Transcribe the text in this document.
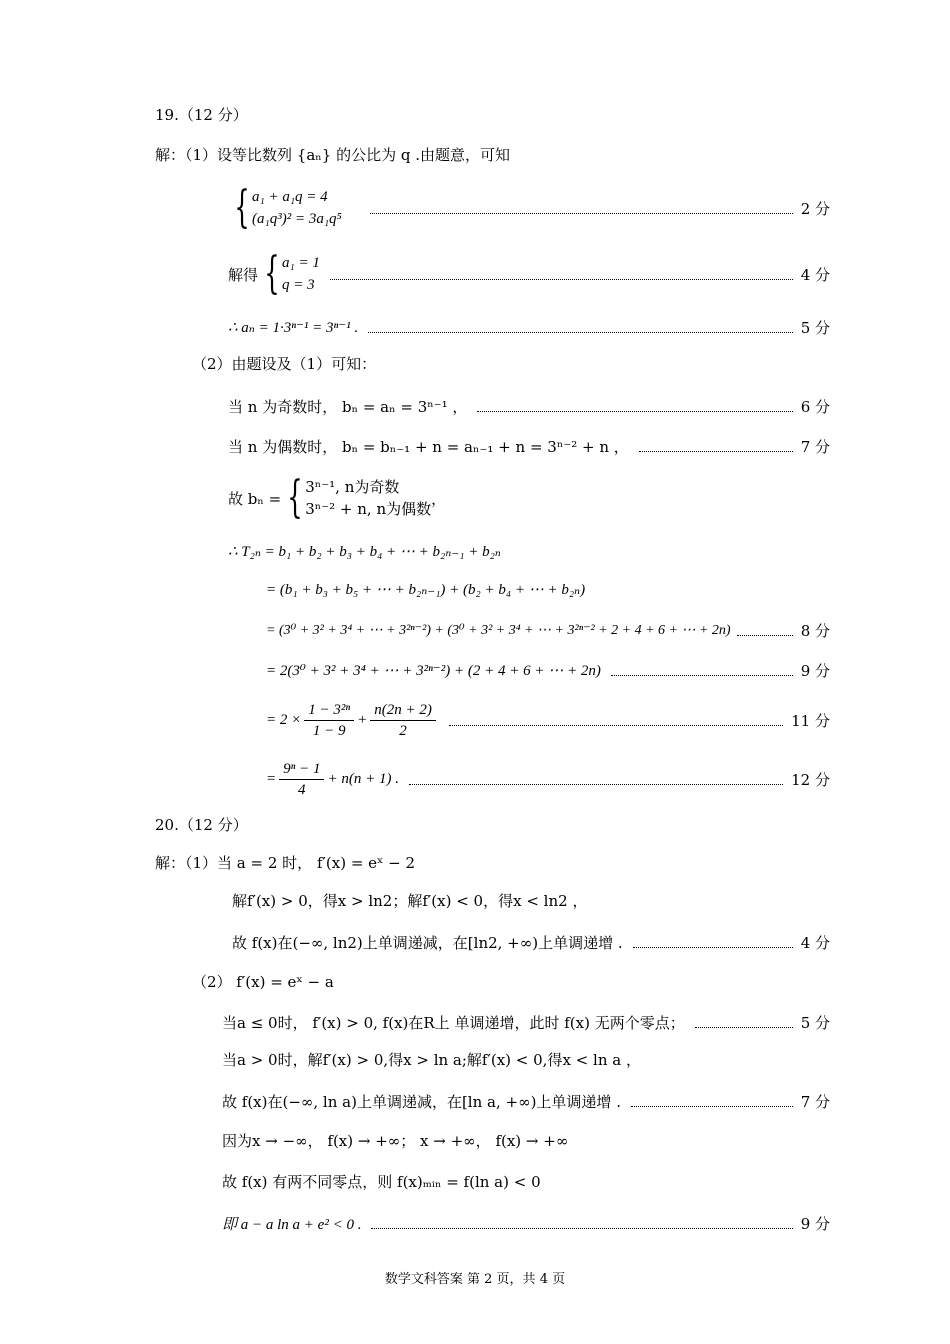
19.（12 分）
解：（1）设等比数列 {aₙ} 的公比为 q .由题意，可知
{ a₁ + a₁q = 4
(a₁q³)² = 3a₁q⁵
2 分
解得 { a₁ = 1
q = 3
4 分
∴ aₙ = 1·3ⁿ⁻¹ = 3ⁿ⁻¹ .	5 分
（2）由题设及（1）可知：
当 n 为奇数时， bₙ = aₙ = 3ⁿ⁻¹ ，	6 分
当 n 为偶数时， bₙ = bₙ₋₁ + n = aₙ₋₁ + n = 3ⁿ⁻² + n ，	7 分
故 bₙ = { 3ⁿ⁻¹, n为奇数
3ⁿ⁻² + n, n为偶数
，
∴ T₂ₙ = b₁ + b₂ + b₃ + b₄ + ⋯ + b₂ₙ₋₁ + b₂ₙ
= (b₁ + b₃ + b₅ + ⋯ + b₂ₙ₋₁) + (b₂ + b₄ + ⋯ + b₂ₙ)
= (3⁰ + 3² + 3⁴ + ⋯ + 3²ⁿ⁻²) + (3⁰ + 3² + 3⁴ + ⋯ + 3²ⁿ⁻² + 2 + 4 + 6 + ⋯ + 2n)	8 分
= 2(3⁰ + 3² + 3⁴ + ⋯ + 3²ⁿ⁻²) + (2 + 4 + 6 + ⋯ + 2n)	9 分
= $2 \times \frac{\text{1 − 3²ⁿ}}{1 - 9} + \frac{n(2n + 2)}{2}$	11 分
= $\frac{\text{9ⁿ − 1}}{4} + n(n + 1)$ .	12 分
20.（12 分）
解：（1）当 a = 2 时， f′(x) = eˣ − 2
解f′(x) > 0，得x > ln2；解f′(x) < 0，得x < ln2 ，
故 f(x)在(−∞, ln2)上单调递减，在[ln2, +∞)上单调递增 .	4 分
（2） f′(x) = eˣ − a
当a ≤ 0时， f′(x) > 0, f(x)在R上 单调递增，此时 f(x) 无两个零点；	5 分
当a > 0时，解f′(x) > 0,得x > ln a;解f′(x) < 0,得x < ln a ，
故 f(x)在(−∞, ln a)上单调递减，在[ln a, +∞)上单调递增 .	7 分
因为x → −∞， f(x) → +∞； x → +∞， f(x) → +∞
故 f(x) 有两不同零点，则 f(x)ₘᵢₙ = f(ln a) < 0
即 a − a ln a + e² < 0 .	9 分
数学文科答案 第 2 页，共 4 页
